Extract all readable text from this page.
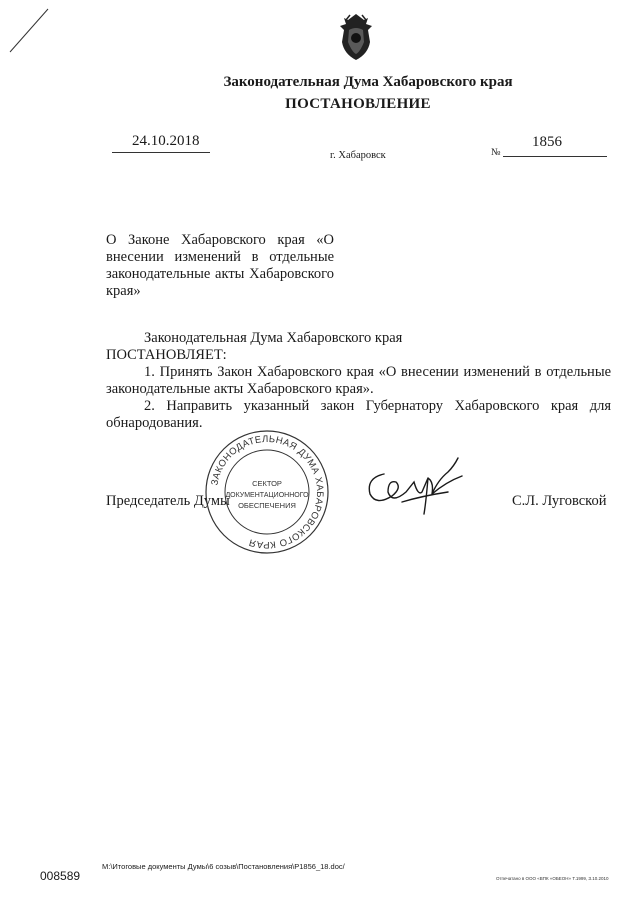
Законодательная Дума Хабаровского края
ПОСТАНОВЛЕНИЕ
24.10.2018
г. Хабаровск	№
1856
О Законе Хабаровского края «О внесении изменений в отдельные законодательные акты Хабаровского края»

Законодательная Дума Хабаровского края

ПОСТАНОВЛЯЕТ:

1. Принять Закон Хабаровского края «О внесении изменений в отдельные законодательные акты Хабаровского края».

2. Направить указанный закон Губернатору Хабаровского края для обнародования.

Председатель Думы
ЗАКОНОДАТЕЛЬНАЯ ДУМА ХАБАРОВСКОГО КРАЯ
СЕКТОР
ДОКУМЕНТАЦИОННОГО
ОБЕСПЕЧЕНИЯ	С.Л. Луговской
008589
M:\Итоговые документы Думы\6 созыв\Постановления\P1856_18.doc/
Отпечатано в ООО «ВПК «ОБЕОН» Т.1999, З.10.2010
